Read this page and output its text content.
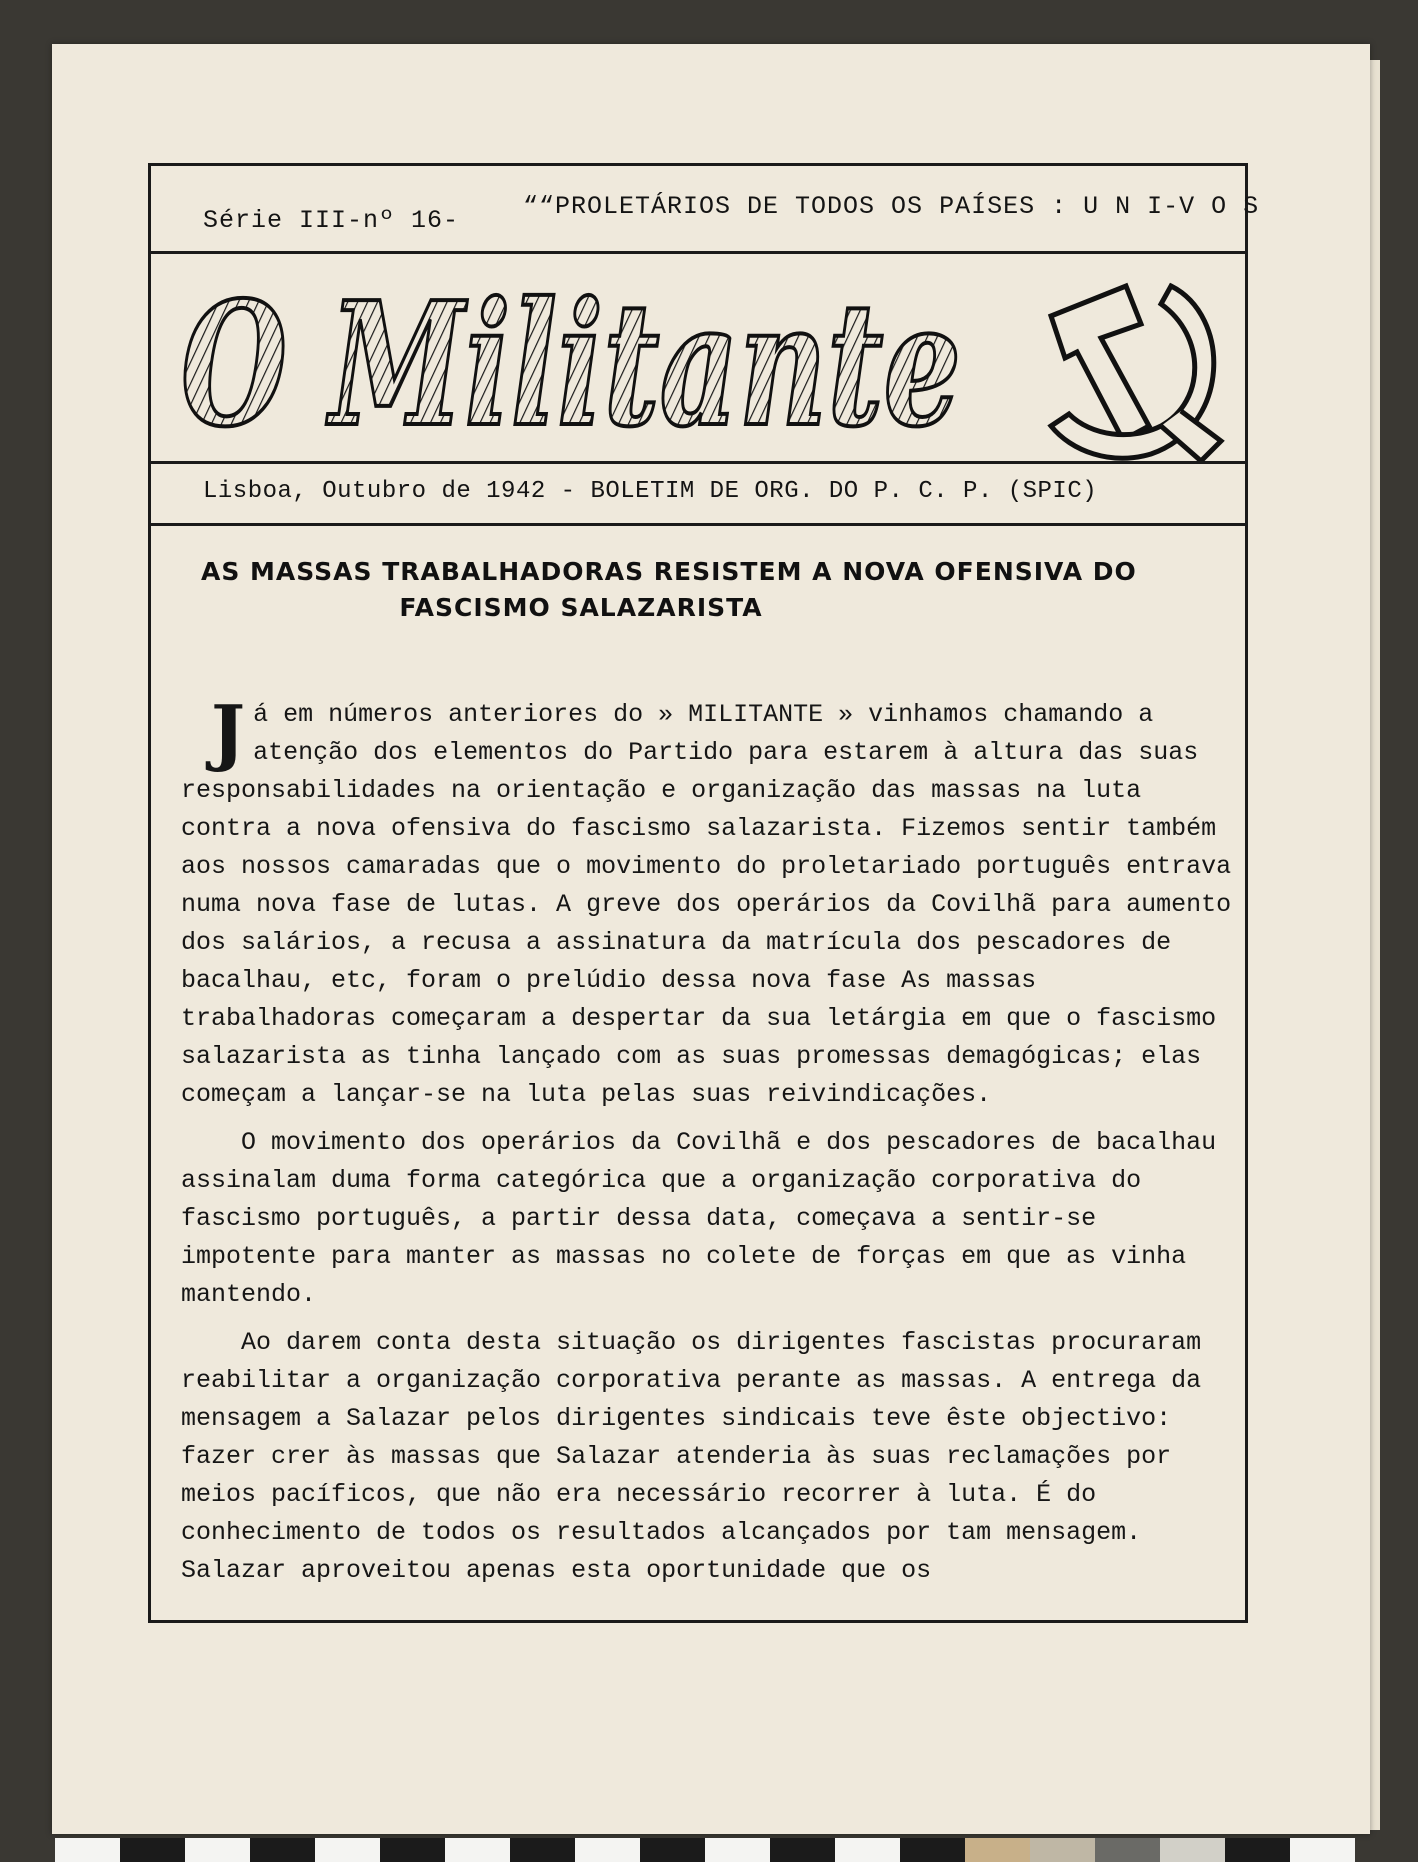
Série III-nº 16-	““PROLETÁRIOS DE TODOS OS PAÍSES : U N I-V O S
O Militante
Lisboa, Outubro de 1942 - BOLETIM DE ORG. DO P. C. P. (SPIC)
AS MASSAS TRABALHADORAS RESISTEM A NOVA OFENSIVA DO
FASCISMO SALAZARISTA

Já em números anteriores do » MILITANTE » vinhamos chamando a atenção dos elementos do Partido para estarem à altura das suas responsabilidades na orientação e organização das massas na luta contra a nova ofensiva do fascismo salazarista. Fizemos sentir também aos nossos camaradas que o movimento do proletariado português entrava numa nova fase de lutas. A greve dos operários da Covilhã para aumento dos salários, a recusa a assinatura da matrícula dos pescadores de bacalhau, etc, foram o prelúdio dessa nova fase As massas trabalhadoras começaram a despertar da sua letárgia em que o fascismo salazarista as tinha lançado com as suas promessas demagógicas; elas começam a lançar-se na luta pelas suas reivindicações.

O movimento dos operários da Covilhã e dos pescadores de bacalhau assinalam duma forma categórica que a organização corporativa do fascismo português, a partir dessa data, começava a sentir-se impotente para manter as massas no colete de forças em que as vinha mantendo.

Ao darem conta desta situação os dirigentes fascistas procuraram reabilitar a organização corporativa perante as massas. A entrega da mensagem a Salazar pelos dirigentes sindicais teve êste objectivo: fazer crer às massas que Salazar atenderia às suas reclamações por meios pacíficos, que não era necessário recorrer à luta. É do conhecimento de todos os resultados alcançados por tam mensagem. Salazar aproveitou apenas esta oportunidade que os
